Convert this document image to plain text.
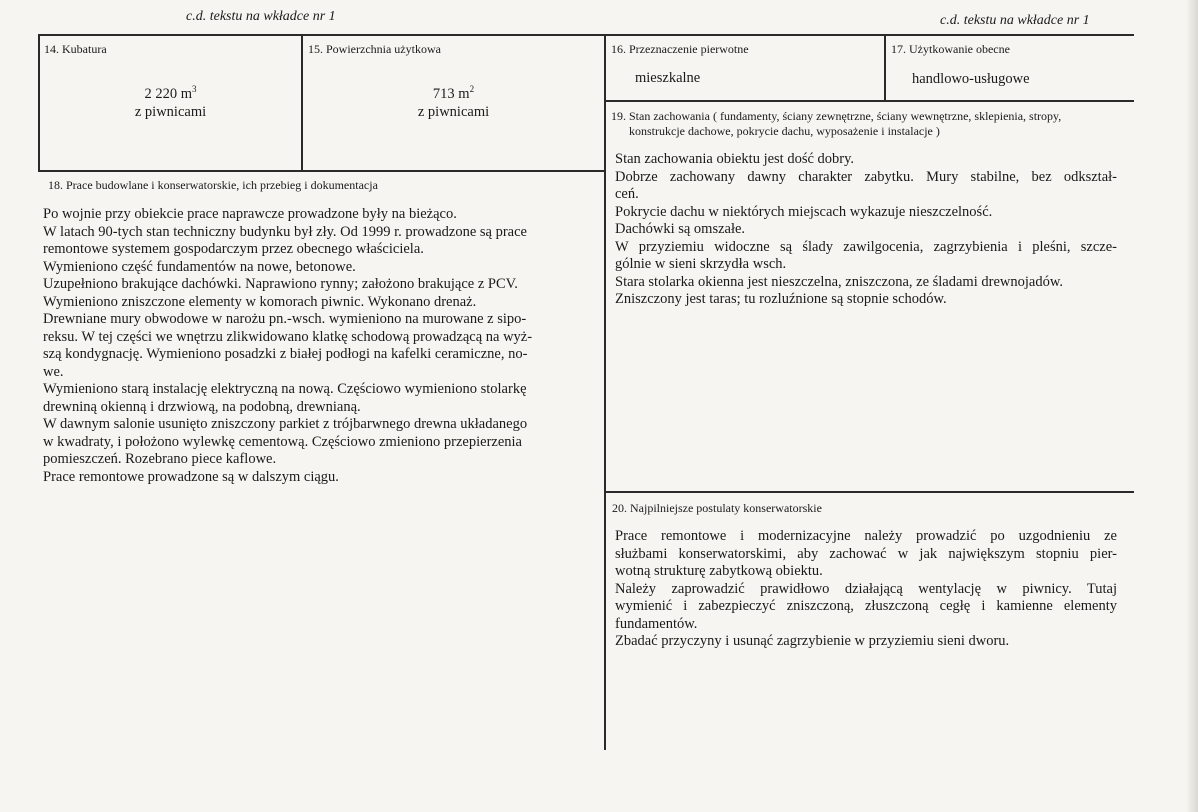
c.d. tekstu na wkładce nr 1	c.d. tekstu na wkładce nr 1
14. Kubatura
2 220 $m^3$
z piwnicami
15. Powierzchnia użytkowa
713 $m^2$
z piwnicami
16. Przeznaczenie pierwotne
mieszkalne
17. Użytkowanie obecne
handlowo-usługowe
18. Prace budowlane i konserwatorskie, ich przebieg i dokumentacja
Po wojnie przy obiekcie prace naprawcze prowadzone były na bieżąco.
W latach 90-tych stan techniczny budynku był zły. Od 1999 r. prowadzone są prace
remontowe systemem gospodarczym przez obecnego właściciela.
Wymieniono część fundamentów na nowe, betonowe.
Uzupełniono brakujące dachówki. Naprawiono rynny; założono brakujące z PCV.
Wymieniono zniszczone elementy w komorach piwnic. Wykonano drenaż.
Drewniane mury obwodowe w narożu pn.-wsch. wymieniono na murowane z sipo-
reksu. W tej części we wnętrzu zlikwidowano klatkę schodową prowadzącą na wyż-
szą kondygnację. Wymieniono posadzki z białej podłogi na kafelki ceramiczne, no-
we.
Wymieniono starą instalację elektryczną na nową. Częściowo wymieniono stolarkę
drewniną okienną i drzwiową, na podobną, drewnianą.
W dawnym salonie usunięto zniszczony parkiet z trójbarwnego drewna układanego
w kwadraty, i położono wylewkę cementową. Częściowo zmieniono przepierzenia
pomieszczeń. Rozebrano piece kaflowe.
Prace remontowe prowadzone są w dalszym ciągu.
19. Stan zachowania ( fundamenty, ściany zewnętrzne, ściany wewnętrzne, sklepienia, stropy,
konstrukcje dachowe, pokrycie dachu, wyposażenie i instalacje )
Stan zachowania obiektu jest dość dobry.
Dobrze zachowany dawny charakter zabytku. Mury stabilne, bez odkształ-
ceń.
Pokrycie dachu w niektórych miejscach wykazuje nieszczelność.
Dachówki są omszałe.
W przyziemiu widoczne są ślady zawilgocenia, zagrzybienia i pleśni, szcze-
gólnie w sieni skrzydła wsch.
Stara stolarka okienna jest nieszczelna, zniszczona, ze śladami drewnojadów.
Zniszczony jest taras; tu rozluźnione są stopnie schodów.
20. Najpilniejsze postulaty konserwatorskie
Prace remontowe i modernizacyjne należy prowadzić po uzgodnieniu ze
służbami konserwatorskimi, aby zachować w jak największym stopniu pier-
wotną strukturę zabytkową obiektu.
Należy zaprowadzić prawidłowo działającą wentylację w piwnicy. Tutaj
wymienić i zabezpieczyć zniszczoną, złuszczoną cegłę i kamienne elementy
fundamentów.
Zbadać przyczyny i usunąć zagrzybienie w przyziemiu sieni dworu.
